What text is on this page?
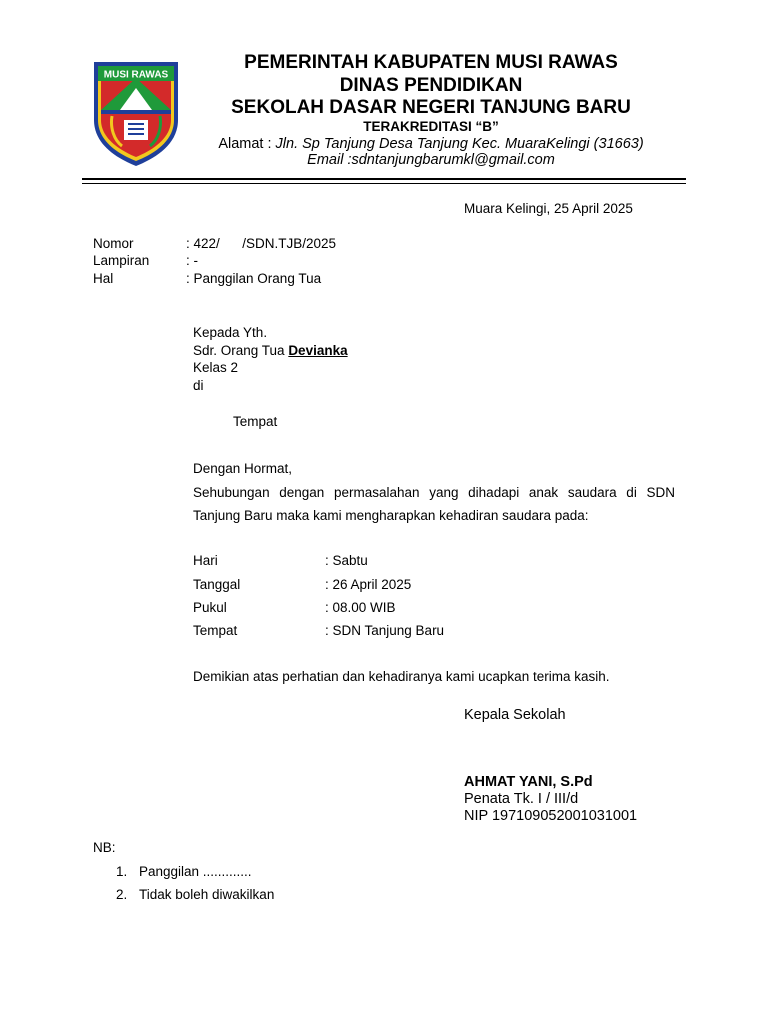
MUSI RAWAS
PEMERINTAH KABUPATEN MUSI RAWAS
DINAS PENDIDIKAN
SEKOLAH DASAR NEGERI TANJUNG BARU
TERAKREDITASI “B”
Alamat : Jln. Sp Tanjung Desa Tanjung Kec. MuaraKelingi (31663)
Email :sdntanjungbarumkl@gmail.com
Muara Kelingi, 25 April 2025
Nomor	: 422/      /SDN.TJB/2025
Lampiran	: -
Hal	: Panggilan Orang Tua
Kepada Yth.
Sdr. Orang Tua Devianka
Kelas 2
di
Tempat
Dengan Hormat,
Sehubungan dengan permasalahan yang dihadapi anak saudara di SDN Tanjung Baru maka kami mengharapkan kehadiran saudara pada:
Hari	: Sabtu
Tanggal	: 26 April 2025
Pukul	: 08.00 WIB
Tempat	: SDN Tanjung Baru
Demikian atas perhatian dan kehadiranya kami ucapkan terima kasih.
Kepala Sekolah
AHMAT YANI, S.Pd
Penata Tk. I / III/d
NIP 197109052001031001
NB:
1. Panggilan .............
2. Tidak boleh diwakilkan
